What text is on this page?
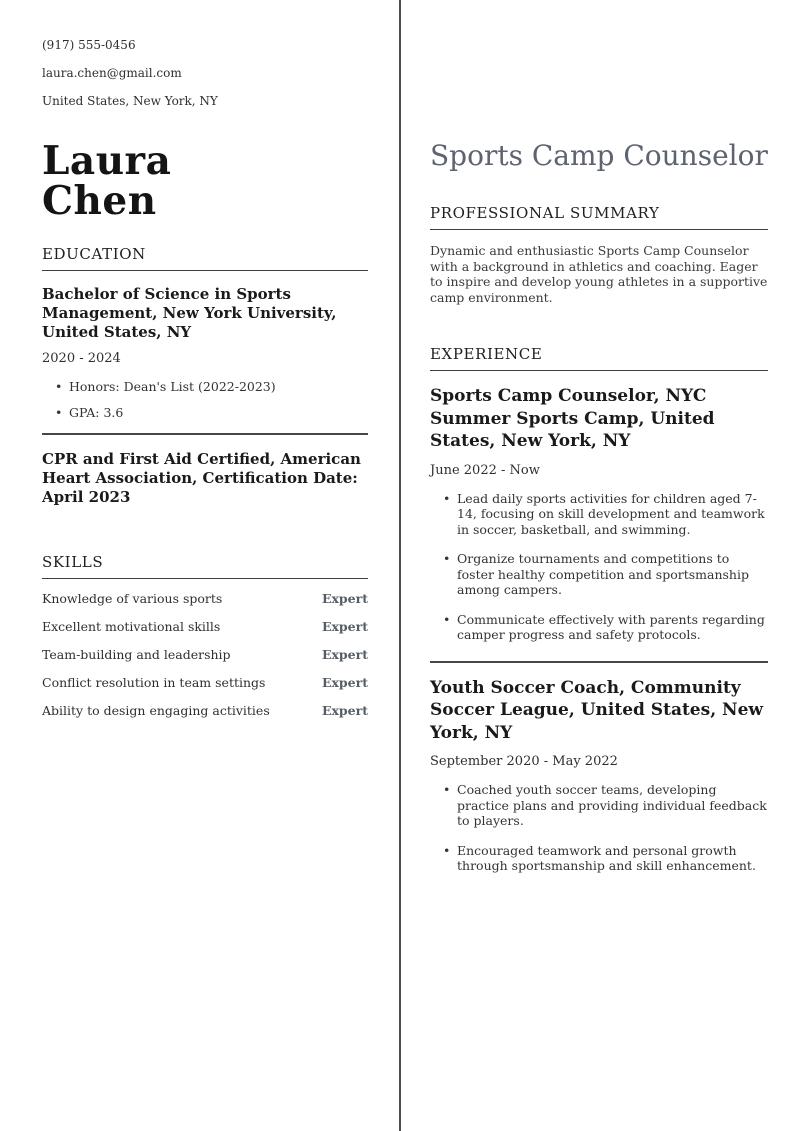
(917) 555-0456
laura.chen@gmail.com
United States, New York, NY
Laura
Chen
EDUCATION
Bachelor of Science in Sports Management, New York University, United States, NY
2020 - 2024
• Honors: Dean's List (2022-2023)
• GPA: 3.6
CPR and First Aid Certified, American Heart Association, Certification Date: April 2023
SKILLS
Knowledge of various sports	Expert
Excellent motivational skills	Expert
Team-building and leadership	Expert
Conflict resolution in team settings	Expert
Ability to design engaging activities	Expert
Sports Camp Counselor
PROFESSIONAL SUMMARY

Dynamic and enthusiastic Sports Camp Counselor with a background in athletics and coaching. Eager to inspire and develop young athletes in a supportive camp environment.

EXPERIENCE
Sports Camp Counselor, NYC Summer Sports Camp, United States, New York, NY
June 2022 - Now
• Lead daily sports activities for children aged 7-14, focusing on skill development and teamwork in soccer, basketball, and swimming.
• Organize tournaments and competitions to foster healthy competition and sportsmanship among campers.
• Communicate effectively with parents regarding camper progress and safety protocols.
Youth Soccer Coach, Community Soccer League, United States, New York, NY
September 2020 - May 2022
• Coached youth soccer teams, developing practice plans and providing individual feedback to players.
• Encouraged teamwork and personal growth through sportsmanship and skill enhancement.
